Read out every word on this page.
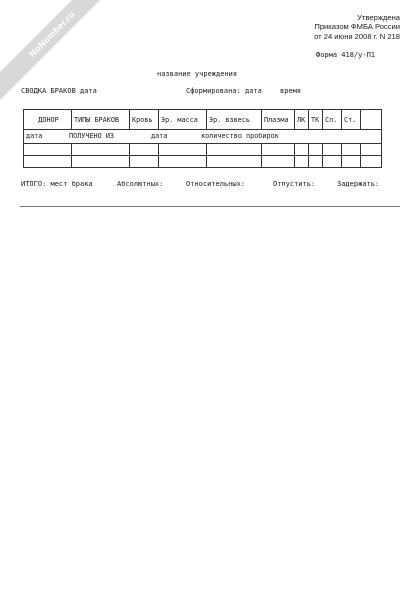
NoNumber.ru	Утверждена
Приказом ФМБА России
от 24 июня 2008 г. N 218
Форма 418/у-П1
название учреждения
СВОДКА БРАКОВ дата	Сформирована: дата	время
ДОНОР	ТИПЫ БРАКОВ	Кровь	Эр. масса	Эр. взвесь	Плазма	ЛК	ТК	Сп.	Ст.	

дата	ПОЛУЧЕНО ИЗ	дата	количество пробирок
ИТОГО: мест брака	Абсолютных:	Относительных:	Отпустить:	Задержать:
